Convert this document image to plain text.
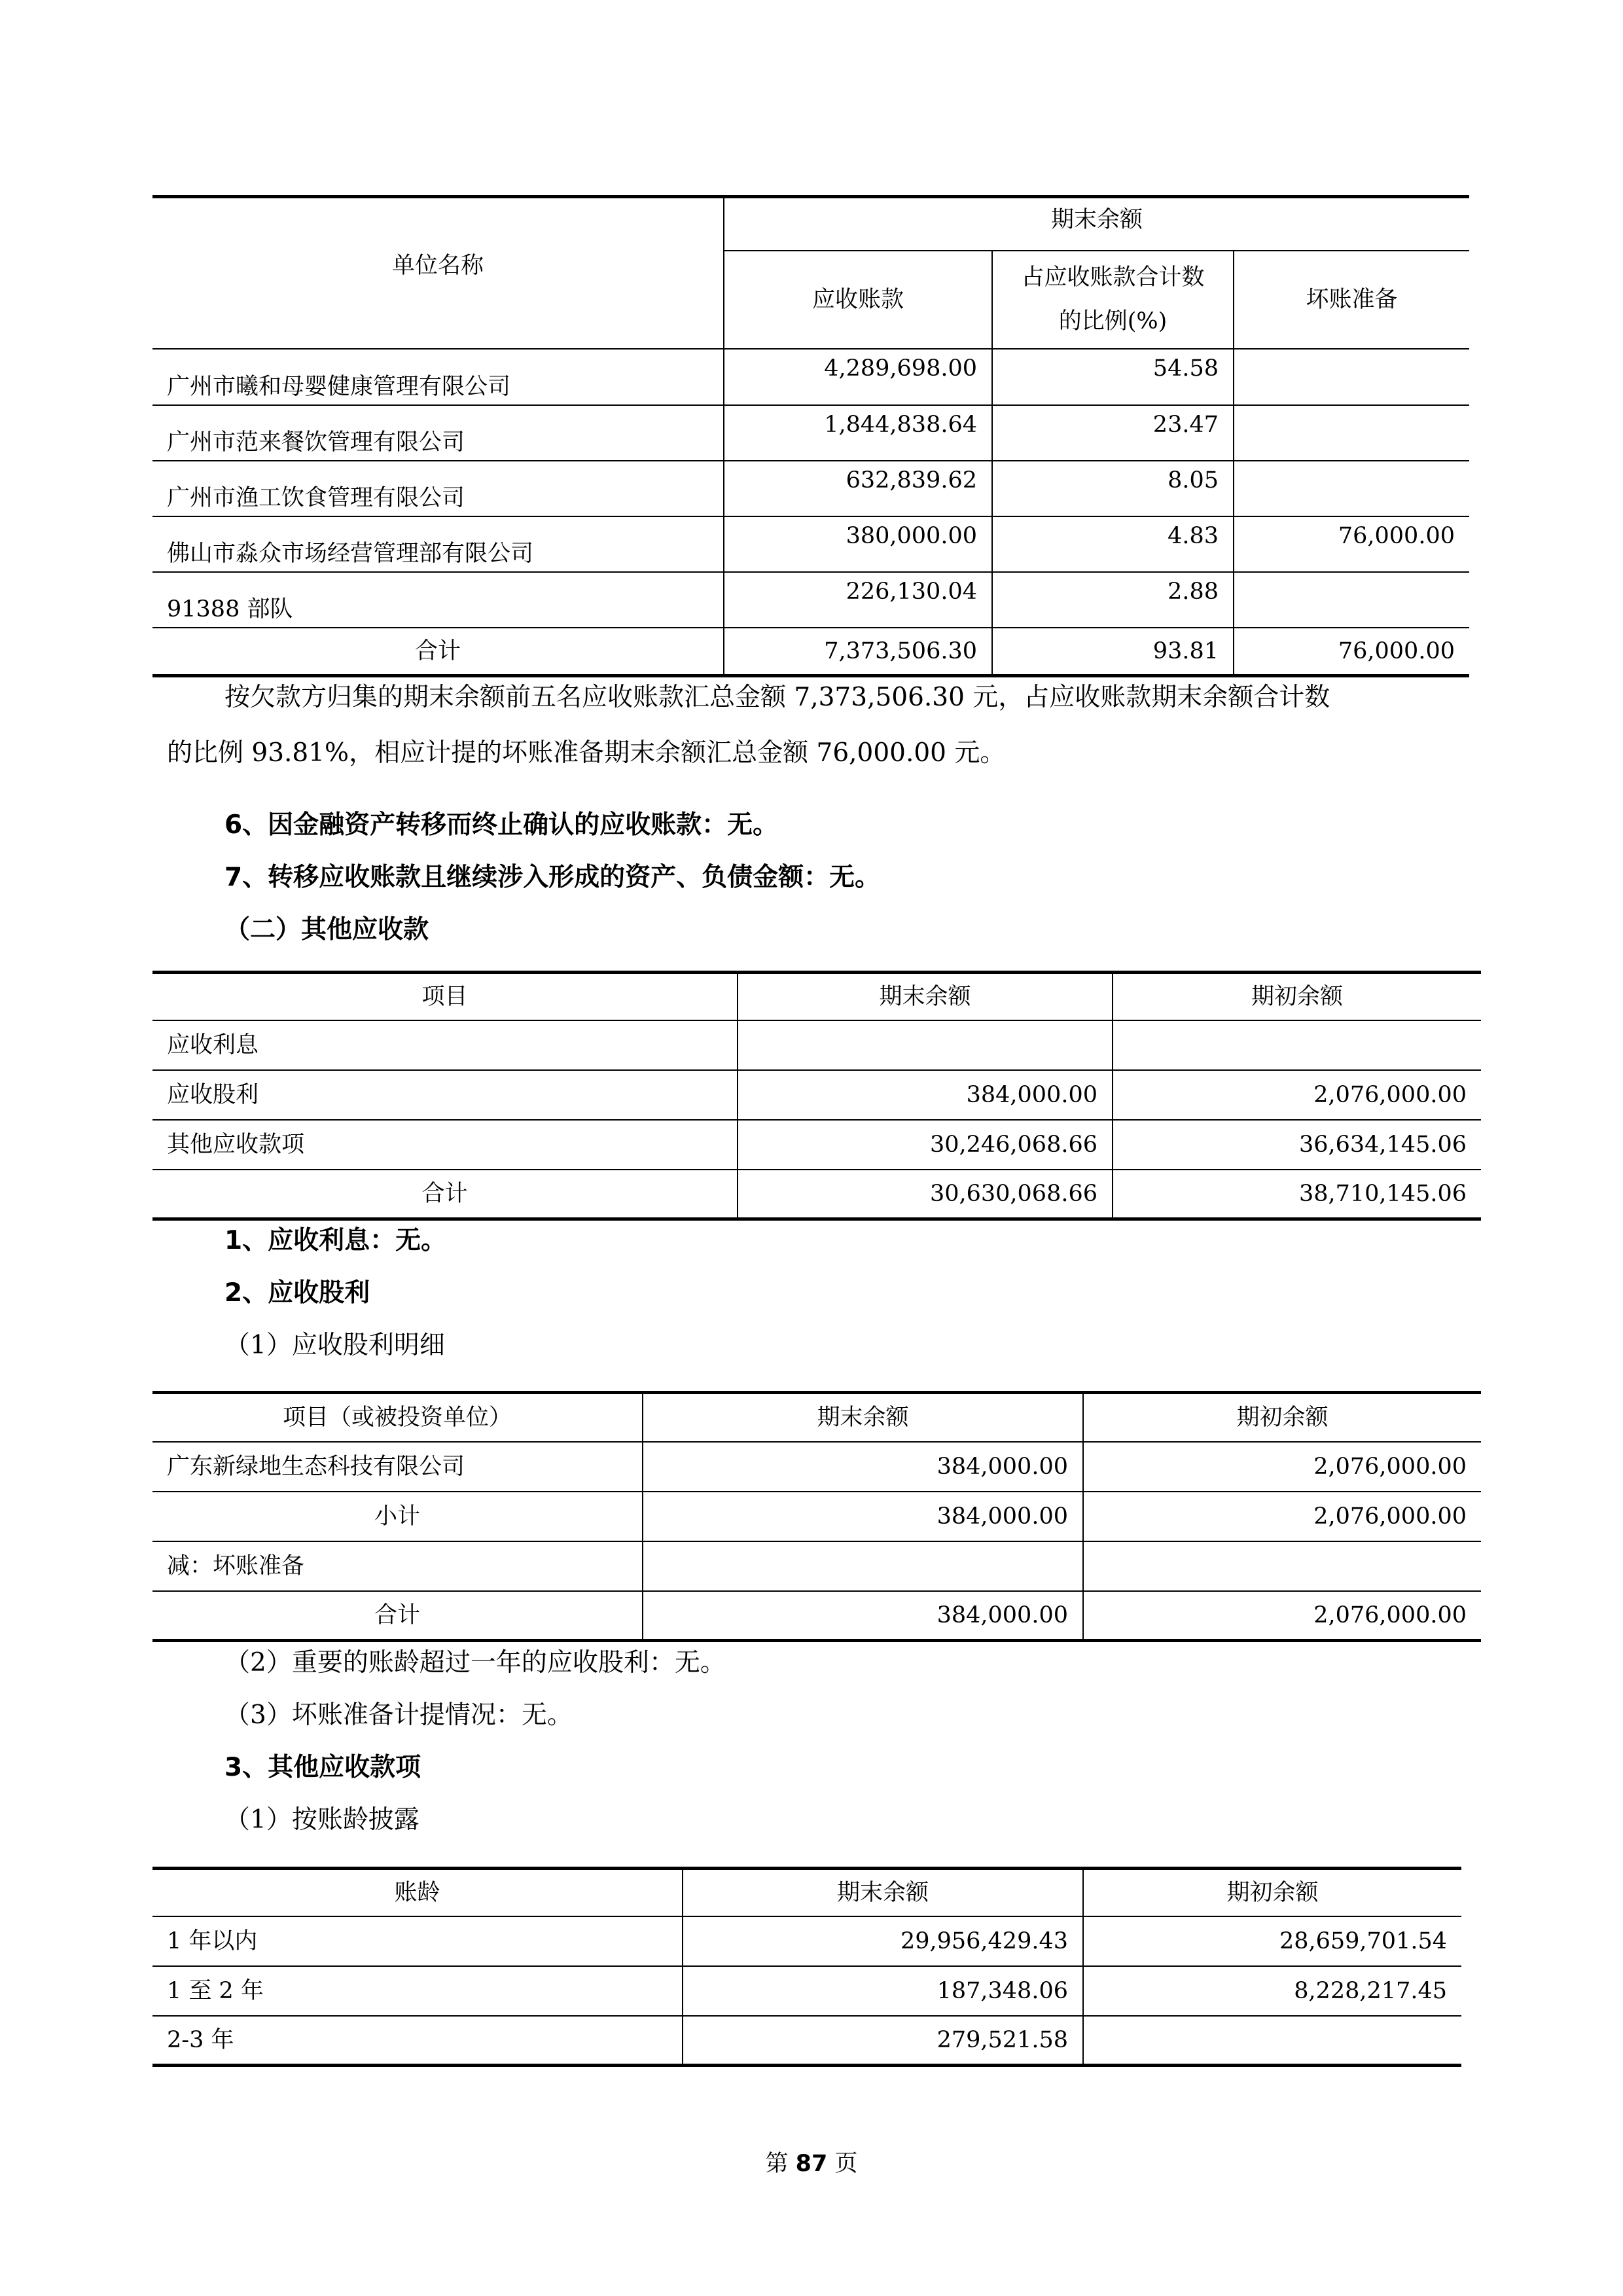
单位名称	期末余额		
	应收账款	占应收账款合计数
的比例(%)	坏账准备
广州市曦和母婴健康管理有限公司	4,289,698.00	54.58	
广州市范来餐饮管理有限公司	1,844,838.64	23.47	
广州市渔工饮食管理有限公司	632,839.62	8.05	
佛山市淼众市场经营管理部有限公司	380,000.00	4.83	76,000.00
91388 部队	226,130.04	2.88	
合计	7,373,506.30	93.81	76,000.00
按欠款方归集的期末余额前五名应收账款汇总金额 7,373,506.30 元，占应收账款期末余额合计数
的比例 93.81%，相应计提的坏账准备期末余额汇总金额 76,000.00 元。
6、因金融资产转移而终止确认的应收账款：无。
7、转移应收账款且继续涉入形成的资产、负债金额：无。
（二）其他应收款
项目	期末余额	期初余额
应收利息		
应收股利	384,000.00	2,076,000.00
其他应收款项	30,246,068.66	36,634,145.06
合计	30,630,068.66	38,710,145.06
1、应收利息：无。
2、应收股利
（1）应收股利明细
项目（或被投资单位）	期末余额	期初余额
广东新绿地生态科技有限公司	384,000.00	2,076,000.00
小计	384,000.00	2,076,000.00
减：坏账准备		
合计	384,000.00	2,076,000.00
（2）重要的账龄超过一年的应收股利：无。
（3）坏账准备计提情况：无。
3、其他应收款项
（1）按账龄披露
账龄	期末余额	期初余额
1 年以内	29,956,429.43	28,659,701.54
1 至 2 年	187,348.06	8,228,217.45
2-3 年	279,521.58	
第 87 页
